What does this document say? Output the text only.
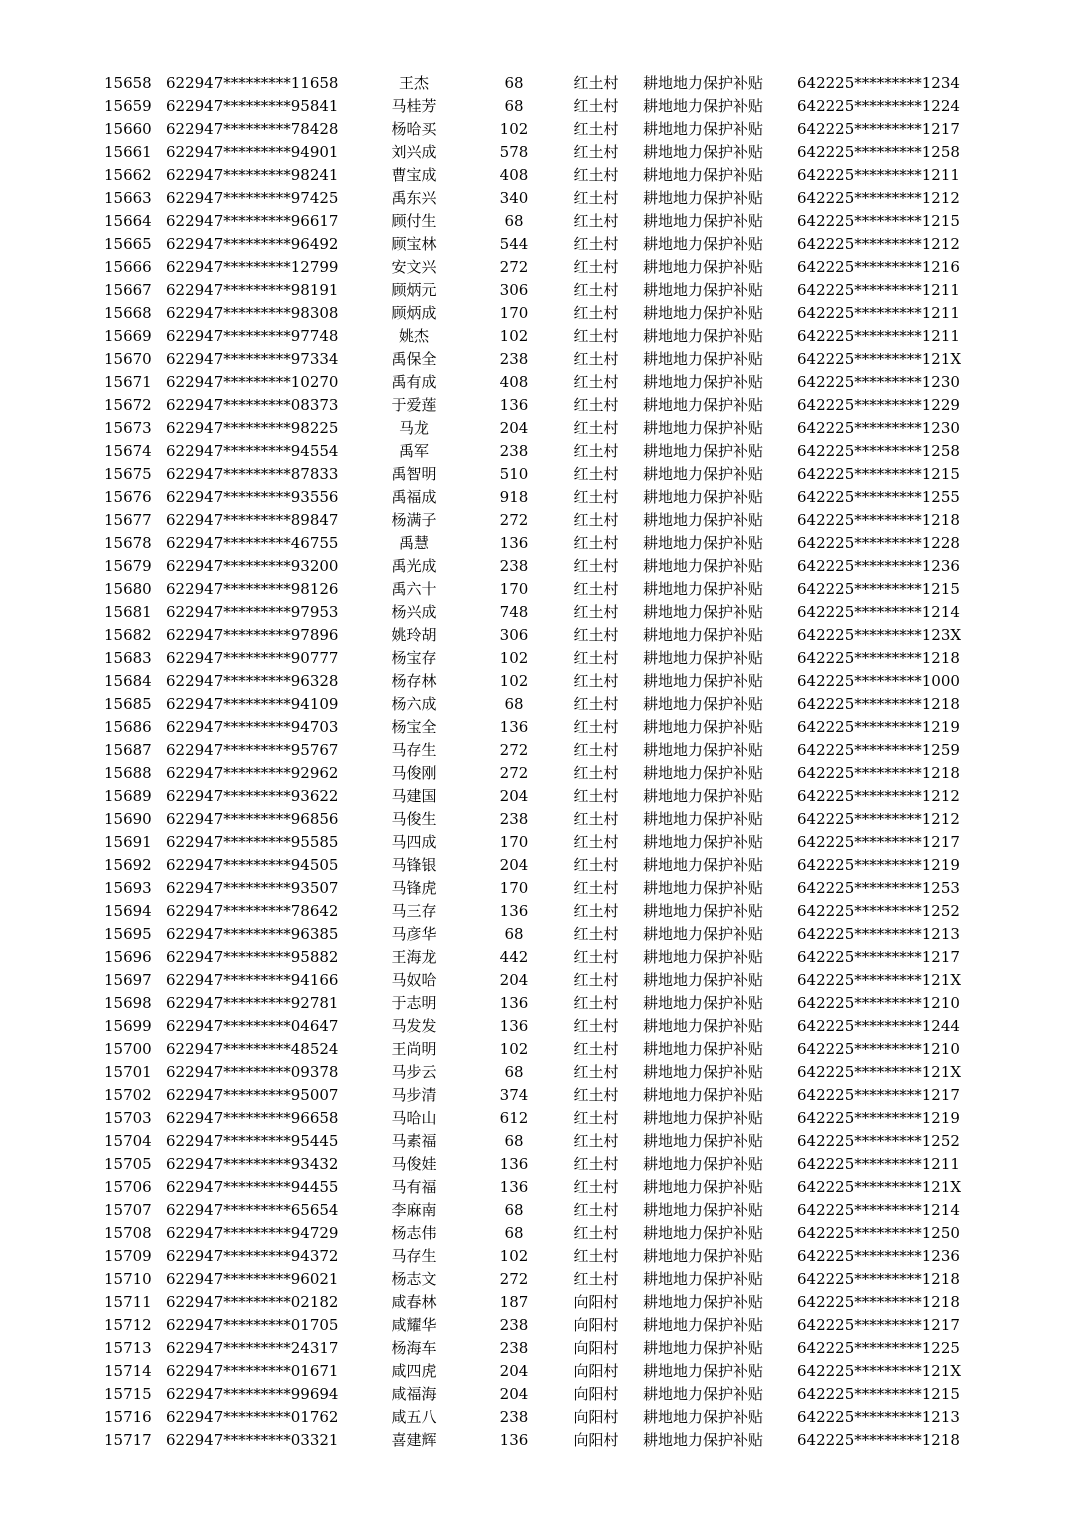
15658 622947*********11658	王杰	68	红土村	耕地地力保护补贴	642225*********1234
15659 622947*********95841	马桂芳	68	红土村	耕地地力保护补贴	642225*********1224
15660 622947*********78428	杨哈买	102	红土村	耕地地力保护补贴	642225*********1217
15661 622947*********94901	刘兴成	578	红土村	耕地地力保护补贴	642225*********1258
15662 622947*********98241	曹宝成	408	红土村	耕地地力保护补贴	642225*********1211
15663 622947*********97425	禹东兴	340	红土村	耕地地力保护补贴	642225*********1212
15664 622947*********96617	顾付生	68	红土村	耕地地力保护补贴	642225*********1215
15665 622947*********96492	顾宝林	544	红土村	耕地地力保护补贴	642225*********1212
15666 622947*********12799	安文兴	272	红土村	耕地地力保护补贴	642225*********1216
15667 622947*********98191	顾炳元	306	红土村	耕地地力保护补贴	642225*********1211
15668 622947*********98308	顾炳成	170	红土村	耕地地力保护补贴	642225*********1211
15669 622947*********97748	姚杰	102	红土村	耕地地力保护补贴	642225*********1211
15670 622947*********97334	禹保全	238	红土村	耕地地力保护补贴	642225*********121X
15671 622947*********10270	禹有成	408	红土村	耕地地力保护补贴	642225*********1230
15672 622947*********08373	于爱莲	136	红土村	耕地地力保护补贴	642225*********1229
15673 622947*********98225	马龙	204	红土村	耕地地力保护补贴	642225*********1230
15674 622947*********94554	禹军	238	红土村	耕地地力保护补贴	642225*********1258
15675 622947*********87833	禹智明	510	红土村	耕地地力保护补贴	642225*********1215
15676 622947*********93556	禹福成	918	红土村	耕地地力保护补贴	642225*********1255
15677 622947*********89847	杨满子	272	红土村	耕地地力保护补贴	642225*********1218
15678 622947*********46755	禹慧	136	红土村	耕地地力保护补贴	642225*********1228
15679 622947*********93200	禹光成	238	红土村	耕地地力保护补贴	642225*********1236
15680 622947*********98126	禹六十	170	红土村	耕地地力保护补贴	642225*********1215
15681 622947*********97953	杨兴成	748	红土村	耕地地力保护补贴	642225*********1214
15682 622947*********97896	姚玲胡	306	红土村	耕地地力保护补贴	642225*********123X
15683 622947*********90777	杨宝存	102	红土村	耕地地力保护补贴	642225*********1218
15684 622947*********96328	杨存林	102	红土村	耕地地力保护补贴	642225*********1000
15685 622947*********94109	杨六成	68	红土村	耕地地力保护补贴	642225*********1218
15686 622947*********94703	杨宝全	136	红土村	耕地地力保护补贴	642225*********1219
15687 622947*********95767	马存生	272	红土村	耕地地力保护补贴	642225*********1259
15688 622947*********92962	马俊刚	272	红土村	耕地地力保护补贴	642225*********1218
15689 622947*********93622	马建国	204	红土村	耕地地力保护补贴	642225*********1212
15690 622947*********96856	马俊生	238	红土村	耕地地力保护补贴	642225*********1212
15691 622947*********95585	马四成	170	红土村	耕地地力保护补贴	642225*********1217
15692 622947*********94505	马锋银	204	红土村	耕地地力保护补贴	642225*********1219
15693 622947*********93507	马锋虎	170	红土村	耕地地力保护补贴	642225*********1253
15694 622947*********78642	马三存	136	红土村	耕地地力保护补贴	642225*********1252
15695 622947*********96385	马彦华	68	红土村	耕地地力保护补贴	642225*********1213
15696 622947*********95882	王海龙	442	红土村	耕地地力保护补贴	642225*********1217
15697 622947*********94166	马奴哈	204	红土村	耕地地力保护补贴	642225*********121X
15698 622947*********92781	于志明	136	红土村	耕地地力保护补贴	642225*********1210
15699 622947*********04647	马发发	136	红土村	耕地地力保护补贴	642225*********1244
15700 622947*********48524	王尚明	102	红土村	耕地地力保护补贴	642225*********1210
15701 622947*********09378	马步云	68	红土村	耕地地力保护补贴	642225*********121X
15702 622947*********95007	马步清	374	红土村	耕地地力保护补贴	642225*********1217
15703 622947*********96658	马哈山	612	红土村	耕地地力保护补贴	642225*********1219
15704 622947*********95445	马素福	68	红土村	耕地地力保护补贴	642225*********1252
15705 622947*********93432	马俊娃	136	红土村	耕地地力保护补贴	642225*********1211
15706 622947*********94455	马有福	136	红土村	耕地地力保护补贴	642225*********121X
15707 622947*********65654	李麻南	68	红土村	耕地地力保护补贴	642225*********1214
15708 622947*********94729	杨志伟	68	红土村	耕地地力保护补贴	642225*********1250
15709 622947*********94372	马存生	102	红土村	耕地地力保护补贴	642225*********1236
15710 622947*********96021	杨志文	272	红土村	耕地地力保护补贴	642225*********1218
15711 622947*********02182	咸春林	187	向阳村	耕地地力保护补贴	642225*********1218
15712 622947*********01705	咸耀华	238	向阳村	耕地地力保护补贴	642225*********1217
15713 622947*********24317	杨海车	238	向阳村	耕地地力保护补贴	642225*********1225
15714 622947*********01671	咸四虎	204	向阳村	耕地地力保护补贴	642225*********121X
15715 622947*********99694	咸福海	204	向阳村	耕地地力保护补贴	642225*********1215
15716 622947*********01762	咸五八	238	向阳村	耕地地力保护补贴	642225*********1213
15717 622947*********03321	喜建辉	136	向阳村	耕地地力保护补贴	642225*********1218
